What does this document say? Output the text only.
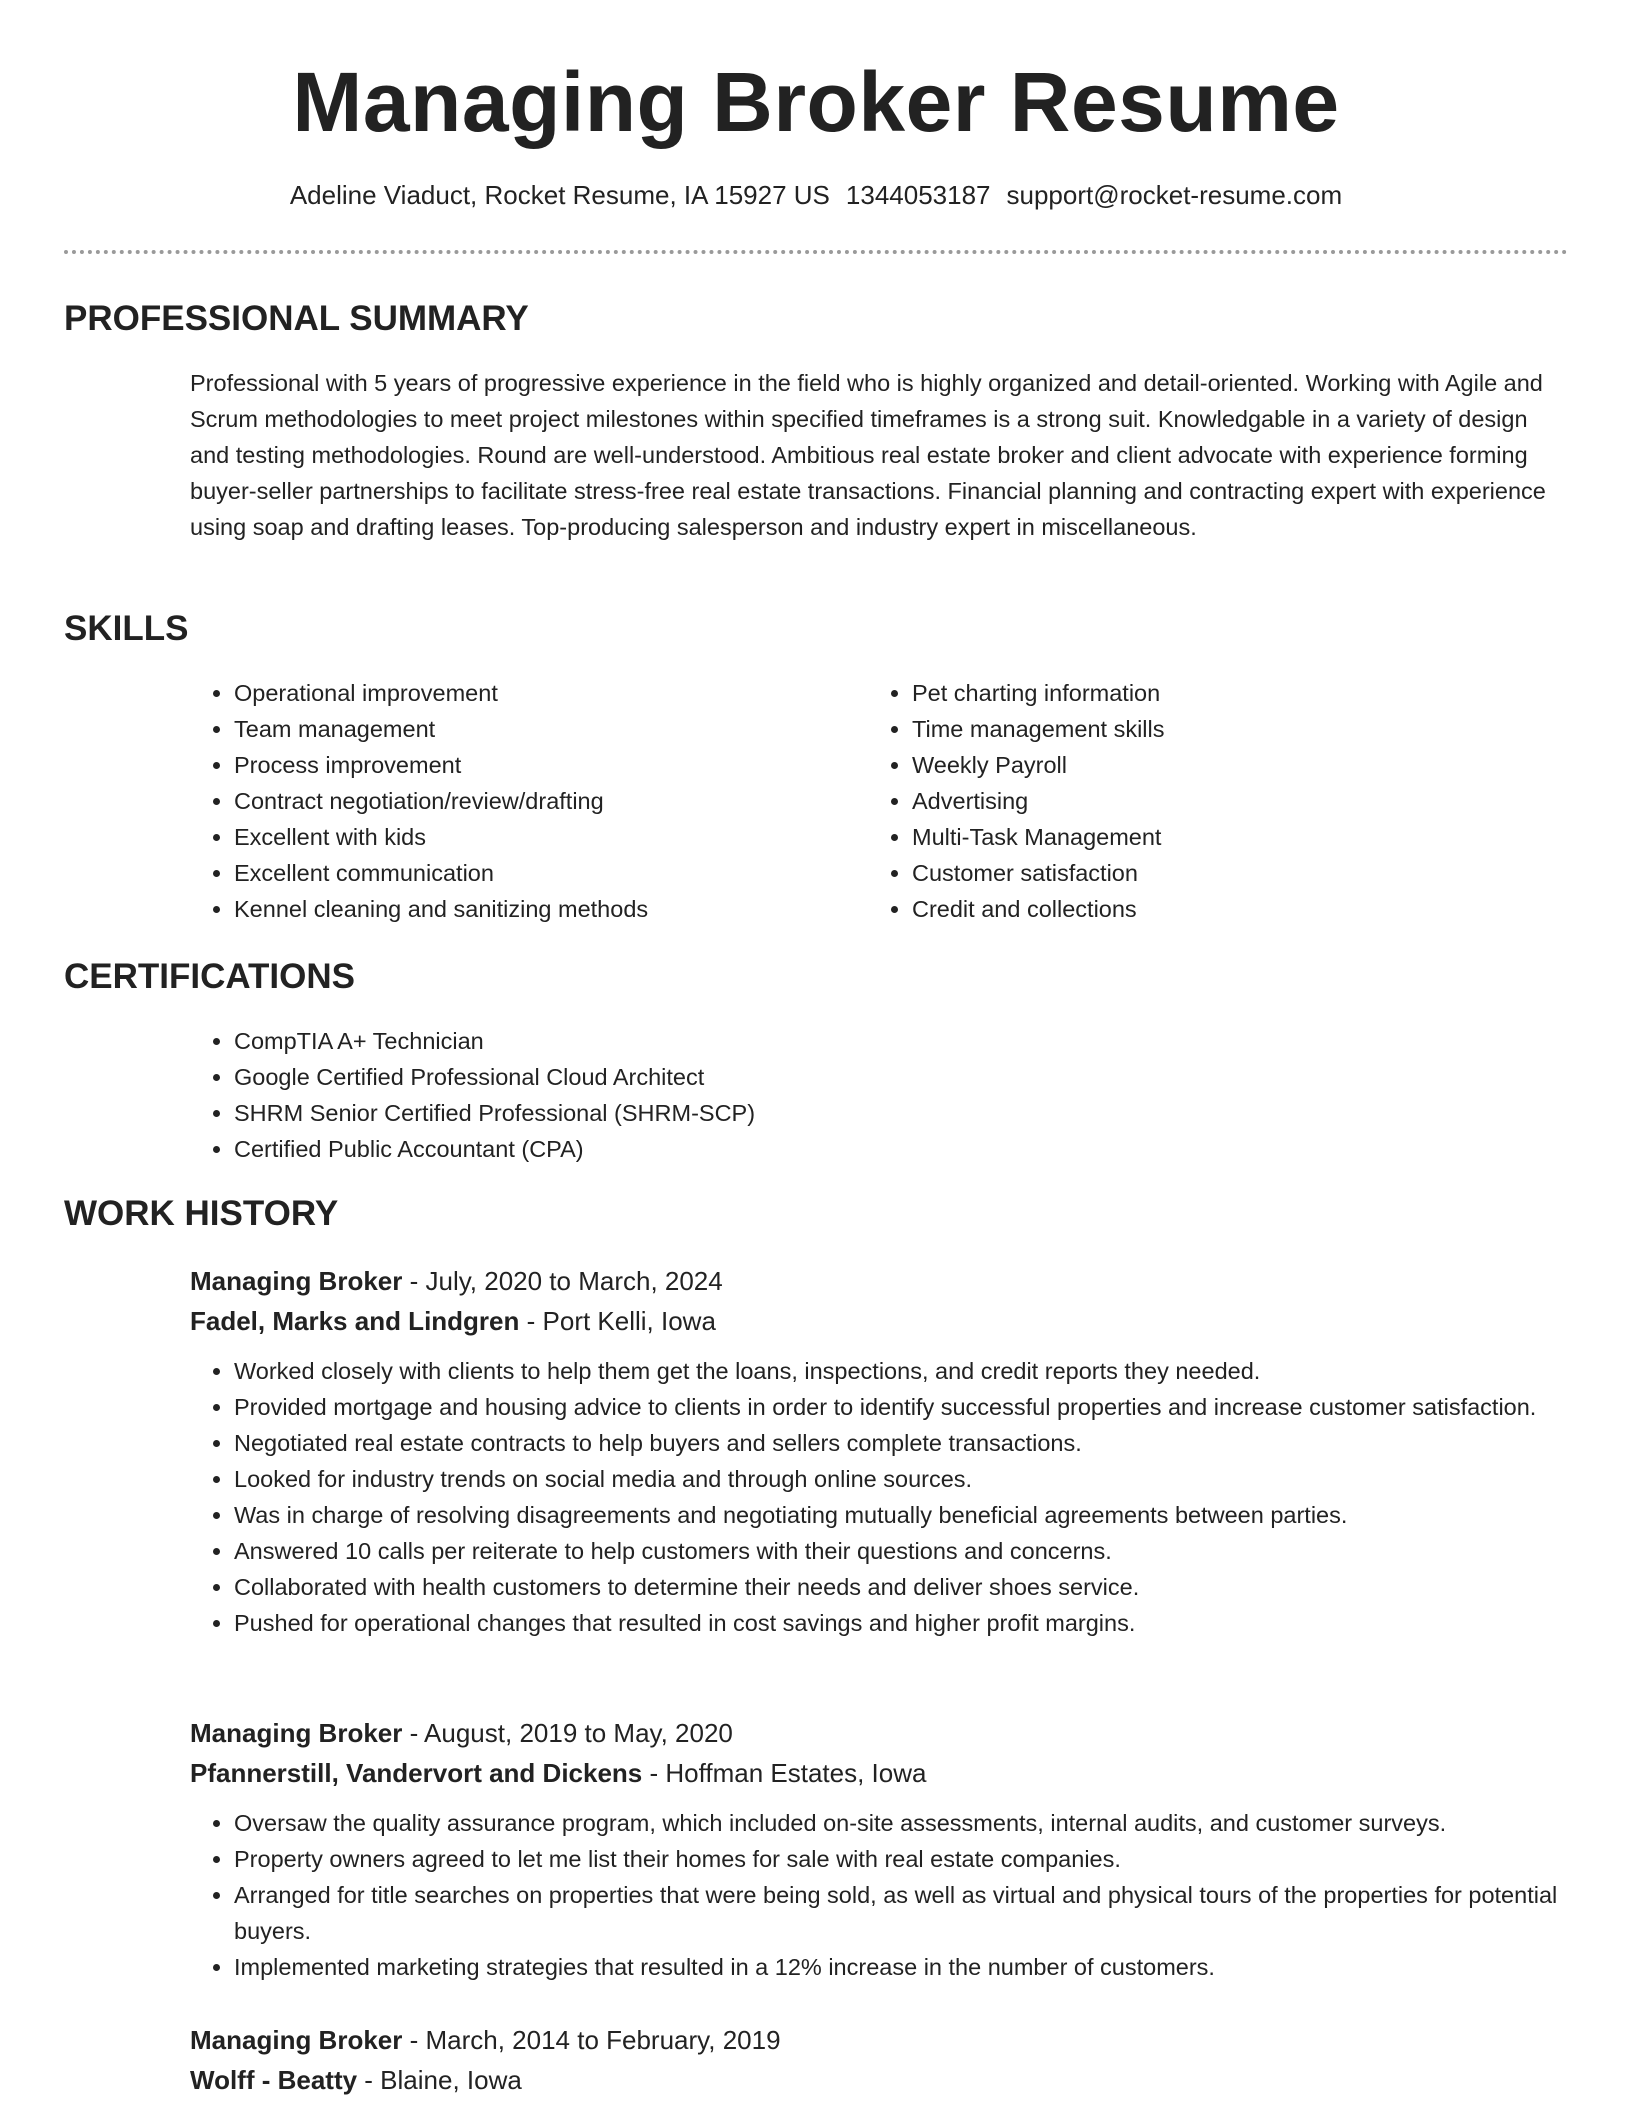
Managing Broker Resume
Adeline Viaduct, Rocket Resume, IA 15927 US 1344053187 support@rocket-resume.com
PROFESSIONAL SUMMARY

Professional with 5 years of progressive experience in the field who is highly organized and detail-oriented. Working with Agile and Scrum methodologies to meet project milestones within specified timeframes is a strong suit. Knowledgable in a variety of design and testing methodologies. Round are well-understood. Ambitious real estate broker and client advocate with experience forming buyer-seller partnerships to facilitate stress-free real estate transactions. Financial planning and contracting expert with experience using soap and drafting leases. Top-producing salesperson and industry expert in miscellaneous.

SKILLS
• Operational improvement
• Team management
• Process improvement
• Contract negotiation/review/drafting
• Excellent with kids
• Excellent communication
• Kennel cleaning and sanitizing methods
• Pet charting information
• Time management skills
• Weekly Payroll
• Advertising
• Multi-Task Management
• Customer satisfaction
• Credit and collections
CERTIFICATIONS
• CompTIA A+ Technician
• Google Certified Professional Cloud Architect
• SHRM Senior Certified Professional (SHRM-SCP)
• Certified Public Accountant (CPA)
WORK HISTORY
Managing Broker - July, 2020 to March, 2024
Fadel, Marks and Lindgren - Port Kelli, Iowa
• Worked closely with clients to help them get the loans, inspections, and credit reports they needed.
• Provided mortgage and housing advice to clients in order to identify successful properties and increase customer satisfaction.
• Negotiated real estate contracts to help buyers and sellers complete transactions.
• Looked for industry trends on social media and through online sources.
• Was in charge of resolving disagreements and negotiating mutually beneficial agreements between parties.
• Answered 10 calls per reiterate to help customers with their questions and concerns.
• Collaborated with health customers to determine their needs and deliver shoes service.
• Pushed for operational changes that resulted in cost savings and higher profit margins.
Managing Broker - August, 2019 to May, 2020
Pfannerstill, Vandervort and Dickens - Hoffman Estates, Iowa
• Oversaw the quality assurance program, which included on-site assessments, internal audits, and customer surveys.
• Property owners agreed to let me list their homes for sale with real estate companies.
• Arranged for title searches on properties that were being sold, as well as virtual and physical tours of the properties for potential buyers.
• Implemented marketing strategies that resulted in a 12% increase in the number of customers.
Managing Broker - March, 2014 to February, 2019
Wolff - Beatty - Blaine, Iowa
